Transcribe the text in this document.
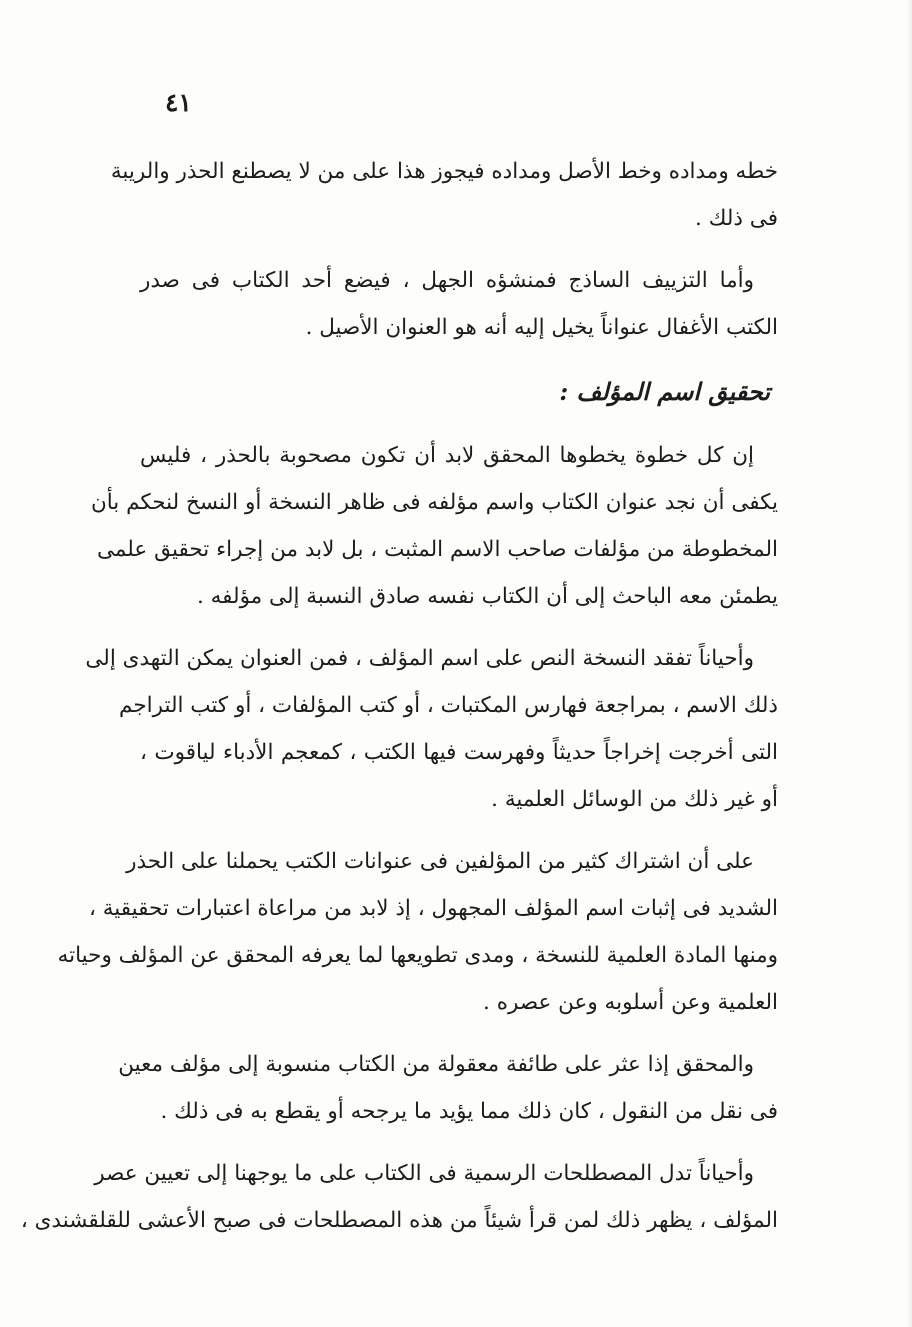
٤١
خطه ومداده وخط الأصل ومداده فيجوز هذا على من لا يصطنع الحذر والريبة
فى ذلك .
وأما التزييف الساذج فمنشؤه الجهل ، فيضع أحد الكتاب فى صدر
الكتب الأغفال عنواناً يخيل إليه أنه هو العنوان الأصيل .
تحقيق اسم المؤلف :
إن كل خطوة يخطوها المحقق لابد أن تكون مصحوبة بالحذر ، فليس
يكفى أن نجد عنوان الكتاب واسم مؤلفه فى ظاهر النسخة أو النسخ لنحكم بأن
المخطوطة من مؤلفات صاحب الاسم المثبت ، بل لابد من إجراء تحقيق علمى
يطمئن معه الباحث إلى أن الكتاب نفسه صادق النسبة إلى مؤلفه .
وأحياناً تفقد النسخة النص على اسم المؤلف ، فمن العنوان يمكن التهدى إلى
ذلك الاسم ، بمراجعة فهارس المكتبات ، أو كتب المؤلفات ، أو كتب التراجم
التى أخرجت إخراجاً حديثاً وفهرست فيها الكتب ، كمعجم الأدباء لياقوت ،
أو غير ذلك من الوسائل العلمية .
على أن اشتراك كثير من المؤلفين فى عنوانات الكتب يحملنا على الحذر
الشديد فى إثبات اسم المؤلف المجهول ، إذ لابد من مراعاة اعتبارات تحقيقية ،
ومنها المادة العلمية للنسخة ، ومدى تطويعها لما يعرفه المحقق عن المؤلف وحياته
العلمية وعن أسلوبه وعن عصره .
والمحقق إذا عثر على طائفة معقولة من الكتاب منسوبة إلى مؤلف معين
فى نقل من النقول ، كان ذلك مما يؤيد ما يرجحه أو يقطع به فى ذلك .
وأحياناً تدل المصطلحات الرسمية فى الكتاب على ما يوجهنا إلى تعيين عصر
المؤلف ، يظهر ذلك لمن قرأ شيئاً من هذه المصطلحات فى صبح الأعشى للقلقشندى ،
